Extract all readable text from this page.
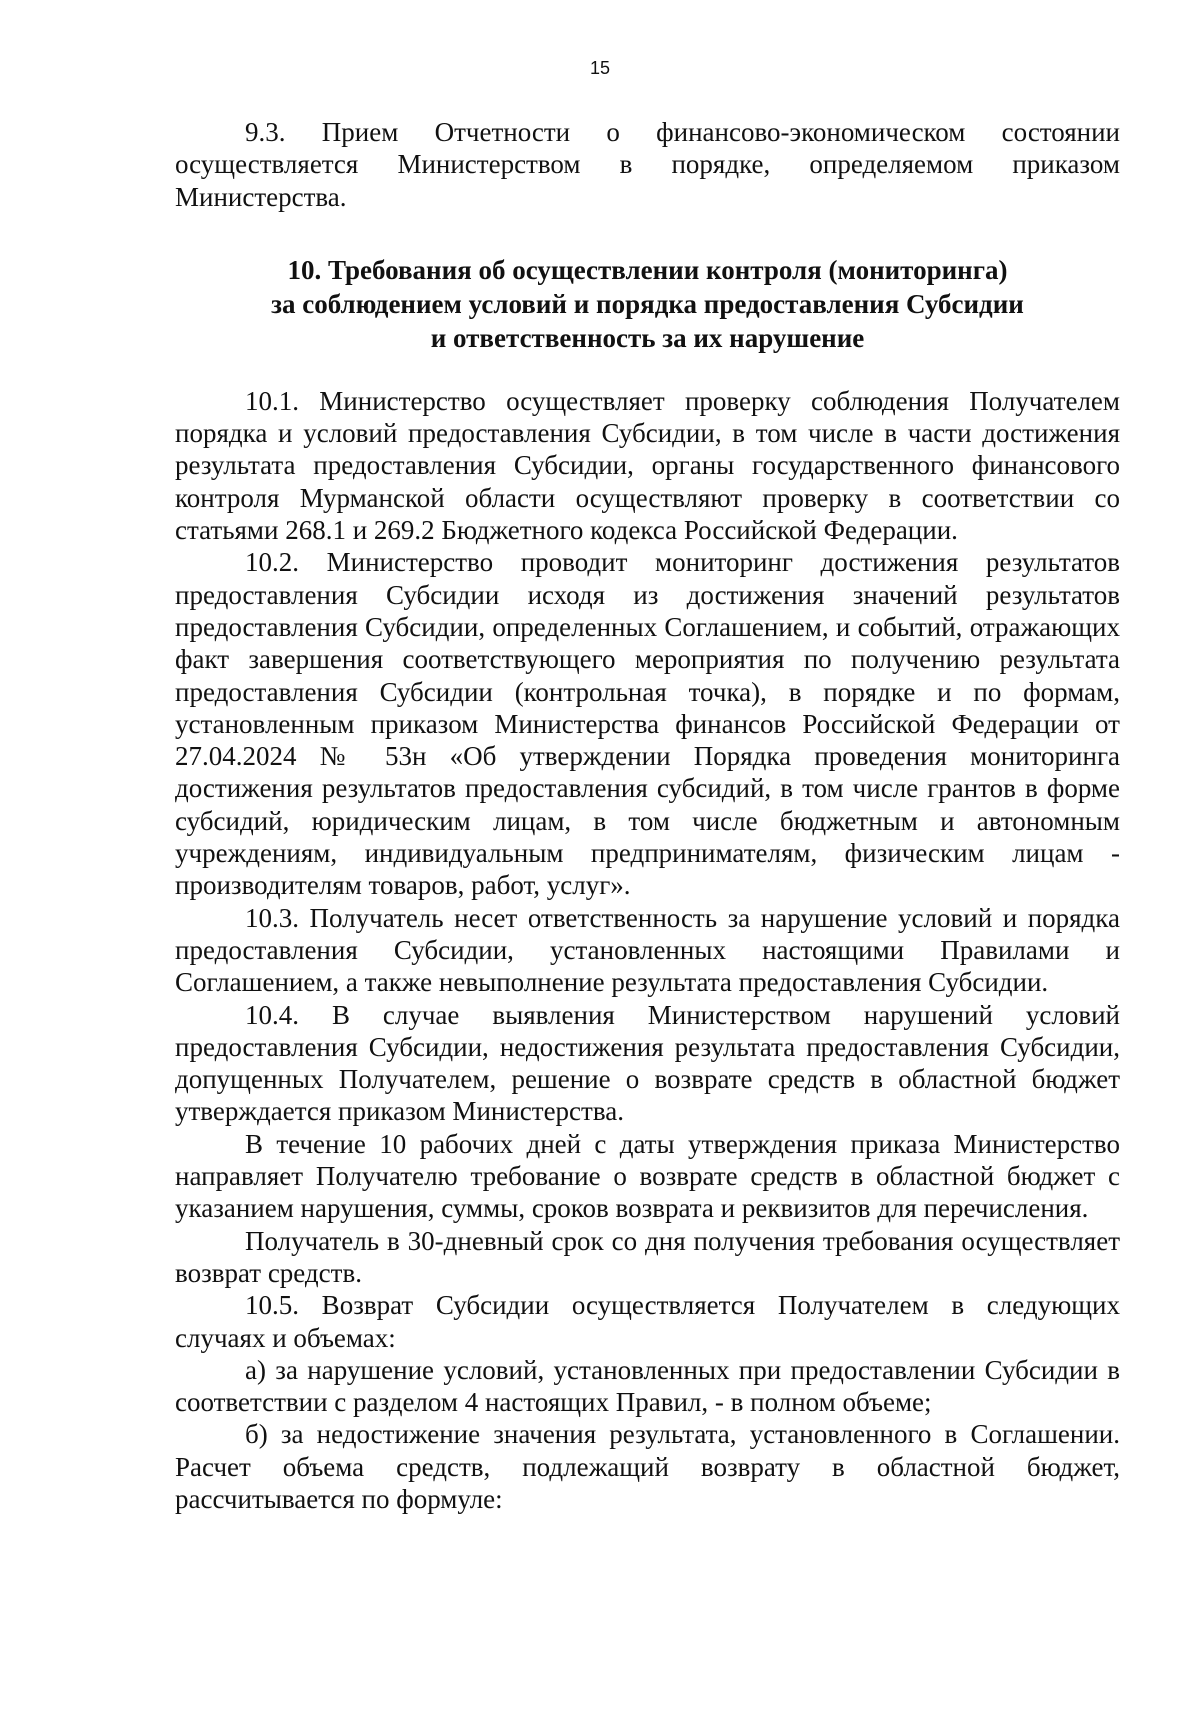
15

9.3. Прием Отчетности о финансово-экономическом состоянии осуществляется Министерством в порядке, определяемом приказом Министерства.

10. Требования об осуществлении контроля (мониторинга)
за соблюдением условий и порядка предоставления Субсидии
и ответственность за их нарушение

10.1. Министерство осуществляет проверку соблюдения Получателем порядка и условий предоставления Субсидии, в том числе в части достижения результата предоставления Субсидии, органы государственного финансового контроля Мурманской области осуществляют проверку в соответствии со статьями 268.1 и 269.2 Бюджетного кодекса Российской Федерации.

10.2. Министерство проводит мониторинг достижения результатов предоставления Субсидии исходя из достижения значений результатов предоставления Субсидии, определенных Соглашением, и событий, отражающих факт завершения соответствующего мероприятия по получению результата предоставления Субсидии (контрольная точка), в порядке и по формам, установленным приказом Министерства финансов Российской Федерации от 27.04.2024 № 53н «Об утверждении Порядка проведения мониторинга достижения результатов предоставления субсидий, в том числе грантов в форме субсидий, юридическим лицам, в том числе бюджетным и автономным учреждениям, индивидуальным предпринимателям, физическим лицам - производителям товаров, работ, услуг».

10.3. Получатель несет ответственность за нарушение условий и порядка предоставления Субсидии, установленных настоящими Правилами и Соглашением, а также невыполнение результата предоставления Субсидии.

10.4. В случае выявления Министерством нарушений условий предоставления Субсидии, недостижения результата предоставления Субсидии, допущенных Получателем, решение о возврате средств в областной бюджет утверждается приказом Министерства.

В течение 10 рабочих дней с даты утверждения приказа Министерство направляет Получателю требование о возврате средств в областной бюджет с указанием нарушения, суммы, сроков возврата и реквизитов для перечисления.

Получатель в 30-дневный срок со дня получения требования осуществляет возврат средств.

10.5. Возврат Субсидии осуществляется Получателем в следующих случаях и объемах:

а) за нарушение условий, установленных при предоставлении Субсидии в соответствии с разделом 4 настоящих Правил, - в полном объеме;

б) за недостижение значения результата, установленного в Соглашении. Расчет объема средств, подлежащий возврату в областной бюджет, рассчитывается по формуле:
